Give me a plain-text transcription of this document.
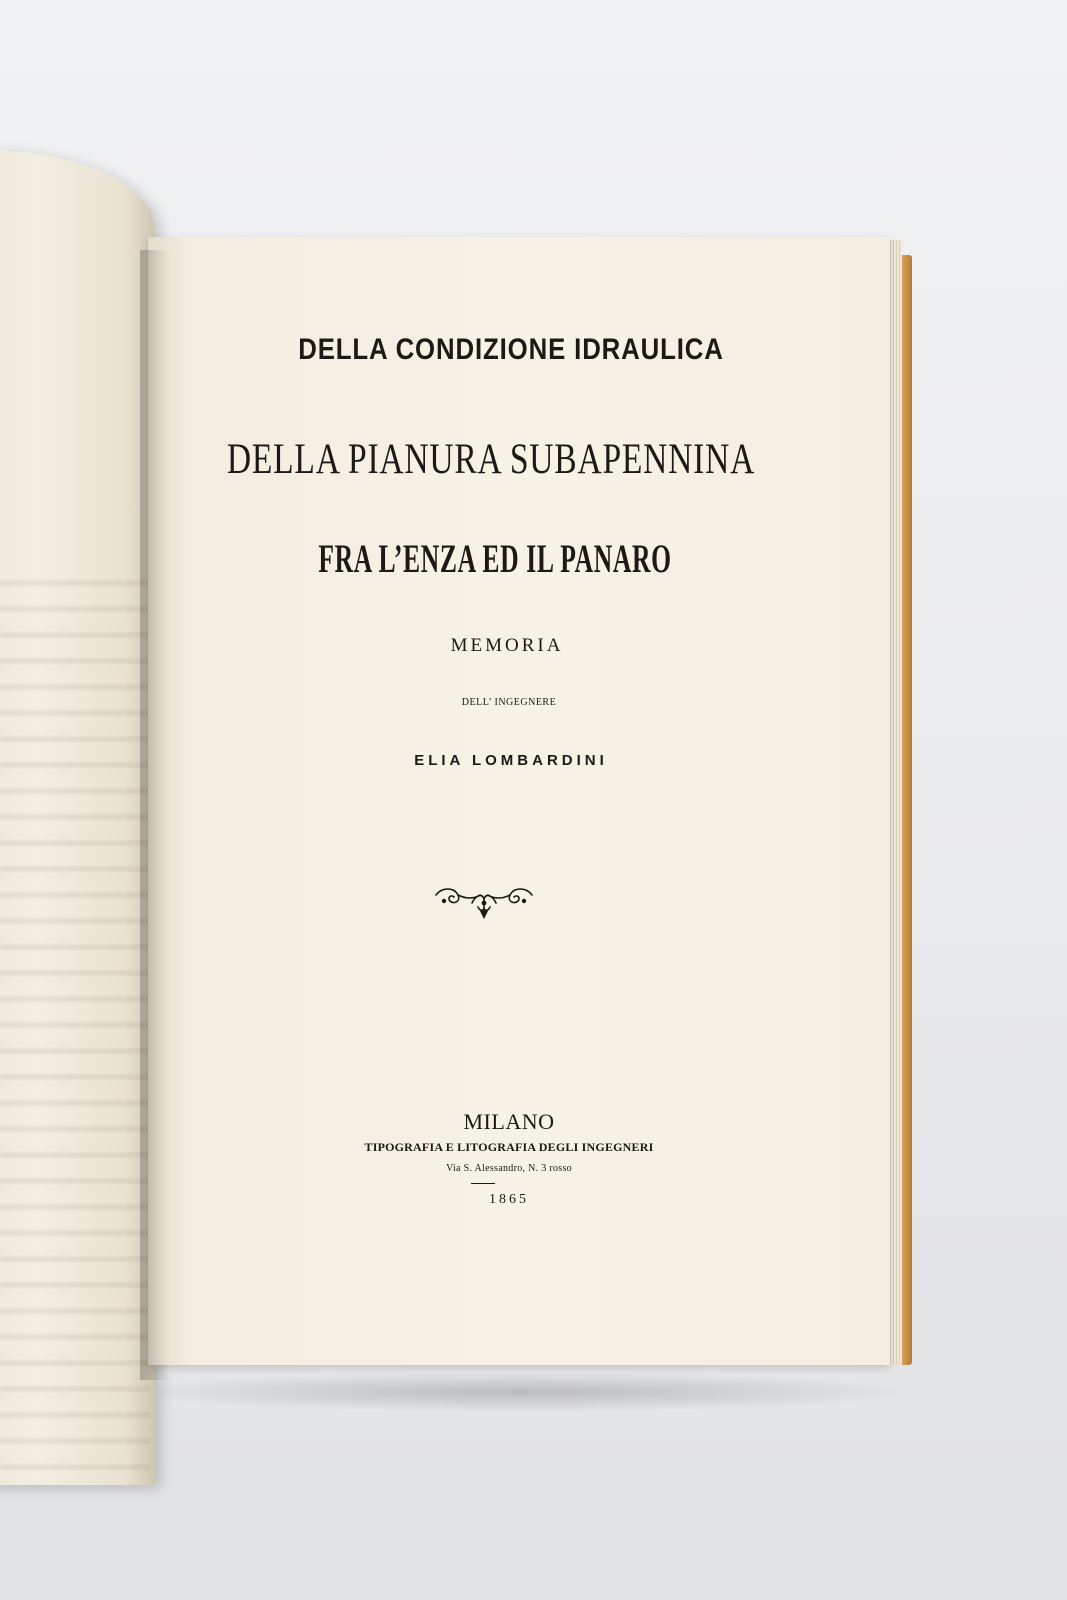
DELLA CONDIZIONE IDRAULICA
DELLA PIANURA SUBAPENNINA
FRA L’ENZA ED IL PANARO
MEMORIA
DELL’ INGEGNERE
ELIA LOMBARDINI
MILANO
TIPOGRAFIA E LITOGRAFIA DEGLI INGEGNERI
Via S. Alessandro, N. 3 rosso
1865
